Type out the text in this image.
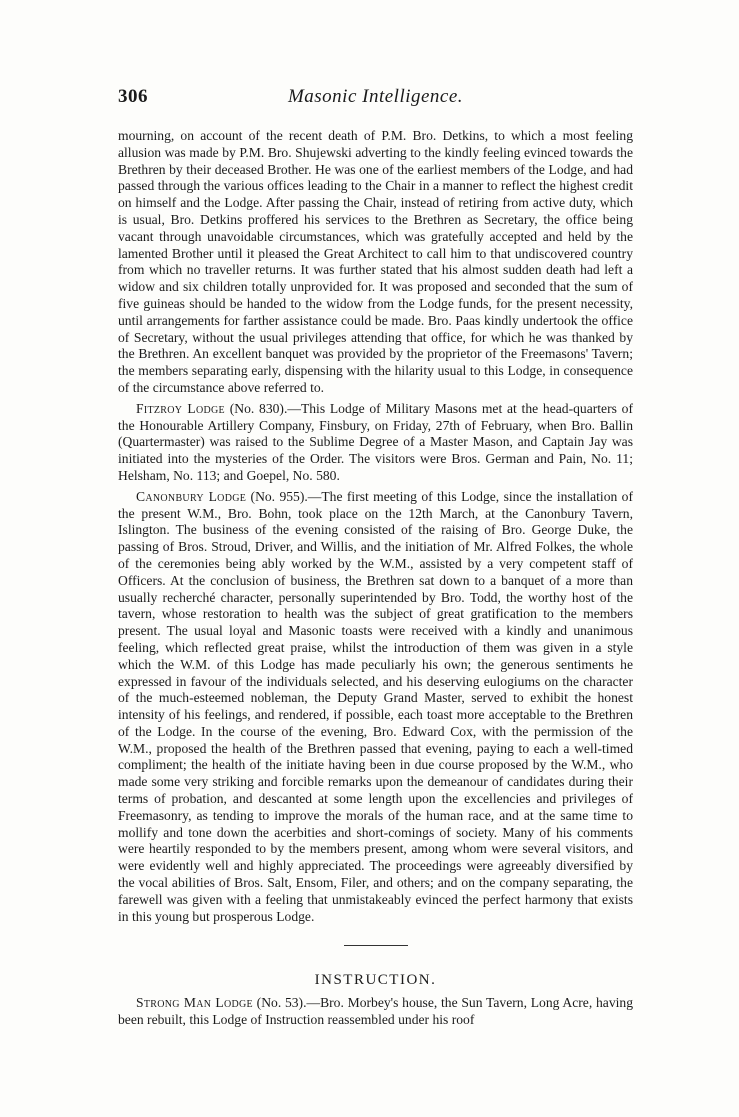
306	Masonic Intelligence.

mourning, on account of the recent death of P.M. Bro. Detkins, to which a most feeling allusion was made by P.M. Bro. Shujewski adverting to the kindly feeling evinced towards the Brethren by their deceased Brother. He was one of the earliest members of the Lodge, and had passed through the various offices leading to the Chair in a manner to reflect the highest credit on himself and the Lodge. After passing the Chair, instead of retiring from active duty, which is usual, Bro. Detkins proffered his services to the Brethren as Secretary, the office being vacant through unavoidable circumstances, which was gratefully accepted and held by the lamented Brother until it pleased the Great Architect to call him to that undiscovered country from which no traveller returns. It was further stated that his almost sudden death had left a widow and six children totally unprovided for. It was proposed and seconded that the sum of five guineas should be handed to the widow from the Lodge funds, for the present necessity, until arrangements for farther assistance could be made. Bro. Paas kindly undertook the office of Secretary, without the usual privileges attending that office, for which he was thanked by the Brethren. An excellent banquet was provided by the proprietor of the Freemasons' Tavern; the members separating early, dispensing with the hilarity usual to this Lodge, in consequence of the circumstance above referred to.

Fitzroy Lodge (No. 830).—This Lodge of Military Masons met at the head-quarters of the Honourable Artillery Company, Finsbury, on Friday, 27th of February, when Bro. Ballin (Quartermaster) was raised to the Sublime Degree of a Master Mason, and Captain Jay was initiated into the mysteries of the Order. The visitors were Bros. German and Pain, No. 11; Helsham, No. 113; and Goepel, No. 580.

Canonbury Lodge (No. 955).—The first meeting of this Lodge, since the installation of the present W.M., Bro. Bohn, took place on the 12th March, at the Canonbury Tavern, Islington. The business of the evening consisted of the raising of Bro. George Duke, the passing of Bros. Stroud, Driver, and Willis, and the initiation of Mr. Alfred Folkes, the whole of the ceremonies being ably worked by the W.M., assisted by a very competent staff of Officers. At the conclusion of business, the Brethren sat down to a banquet of a more than usually recherché character, personally superintended by Bro. Todd, the worthy host of the tavern, whose restoration to health was the subject of great gratification to the members present. The usual loyal and Masonic toasts were received with a kindly and unanimous feeling, which reflected great praise, whilst the introduction of them was given in a style which the W.M. of this Lodge has made peculiarly his own; the generous sentiments he expressed in favour of the individuals selected, and his deserving eulogiums on the character of the much-esteemed nobleman, the Deputy Grand Master, served to exhibit the honest intensity of his feelings, and rendered, if possible, each toast more acceptable to the Brethren of the Lodge. In the course of the evening, Bro. Edward Cox, with the permission of the W.M., proposed the health of the Brethren passed that evening, paying to each a well-timed compliment; the health of the initiate having been in due course proposed by the W.M., who made some very striking and forcible remarks upon the demeanour of candidates during their terms of probation, and descanted at some length upon the excellencies and privileges of Freemasonry, as tending to improve the morals of the human race, and at the same time to mollify and tone down the acerbities and short-comings of society. Many of his comments were heartily responded to by the members present, among whom were several visitors, and were evidently well and highly appreciated. The proceedings were agreeably diversified by the vocal abilities of Bros. Salt, Ensom, Filer, and others; and on the company separating, the farewell was given with a feeling that unmistakeably evinced the perfect harmony that exists in this young but prosperous Lodge.

INSTRUCTION.

Strong Man Lodge (No. 53).—Bro. Morbey's house, the Sun Tavern, Long Acre, having been rebuilt, this Lodge of Instruction reassembled under his roof
